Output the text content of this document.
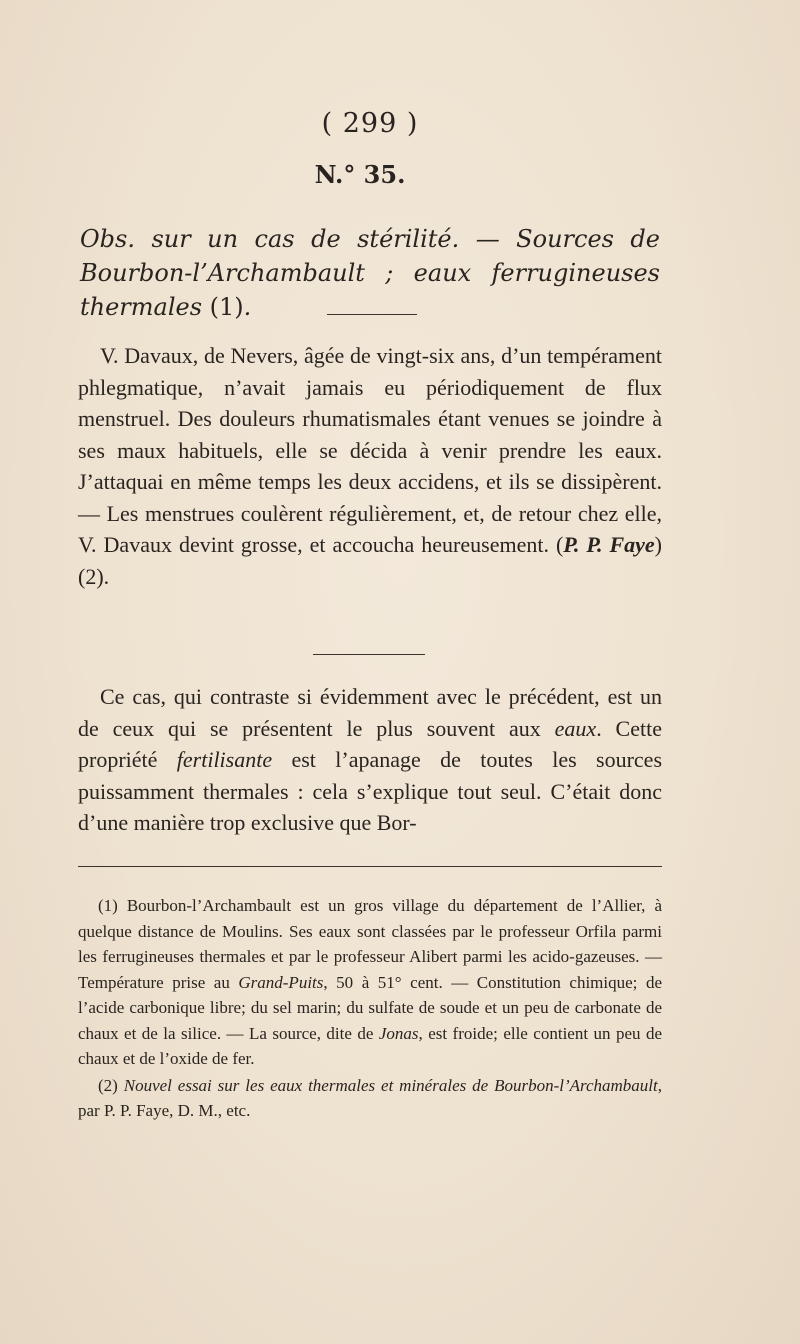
( 299 )
N.° 35.
Obs. sur un cas de stérilité. — Sources de Bourbon-l’Archambault ; eaux ferrugineuses thermales (1).
V. Davaux, de Nevers, âgée de vingt-six ans, d’un tempérament phlegmatique, n’avait jamais eu périodiquement de flux menstruel. Des douleurs rhumatismales étant venues se joindre à ses maux habituels, elle se décida à venir prendre les eaux. J’attaquai en même temps les deux accidens, et ils se dissipèrent. — Les menstrues coulèrent régulièrement, et, de retour chez elle, V. Davaux devint grosse, et accoucha heureusement. (P. P. Faye) (2).
Ce cas, qui contraste si évidemment avec le précédent, est un de ceux qui se présentent le plus souvent aux eaux. Cette propriété fertilisante est l’apanage de toutes les sources puissamment thermales : cela s’explique tout seul. C’était donc d’une manière trop exclusive que Bor-

(1) Bourbon-l’Archambault est un gros village du département de l’Allier, à quelque distance de Moulins. Ses eaux sont classées par le professeur Orfila parmi les ferrugineuses thermales et par le professeur Alibert parmi les acido-gazeuses. — Température prise au Grand-Puits, 50 à 51° cent. — Constitution chimique; de l’acide carbonique libre; du sel marin; du sulfate de soude et un peu de carbonate de chaux et de la silice. — La source, dite de Jonas, est froide; elle contient un peu de chaux et de l’oxide de fer.

(2) Nouvel essai sur les eaux thermales et minérales de Bourbon-l’Archambault, par P. P. Faye, D. M., etc.
